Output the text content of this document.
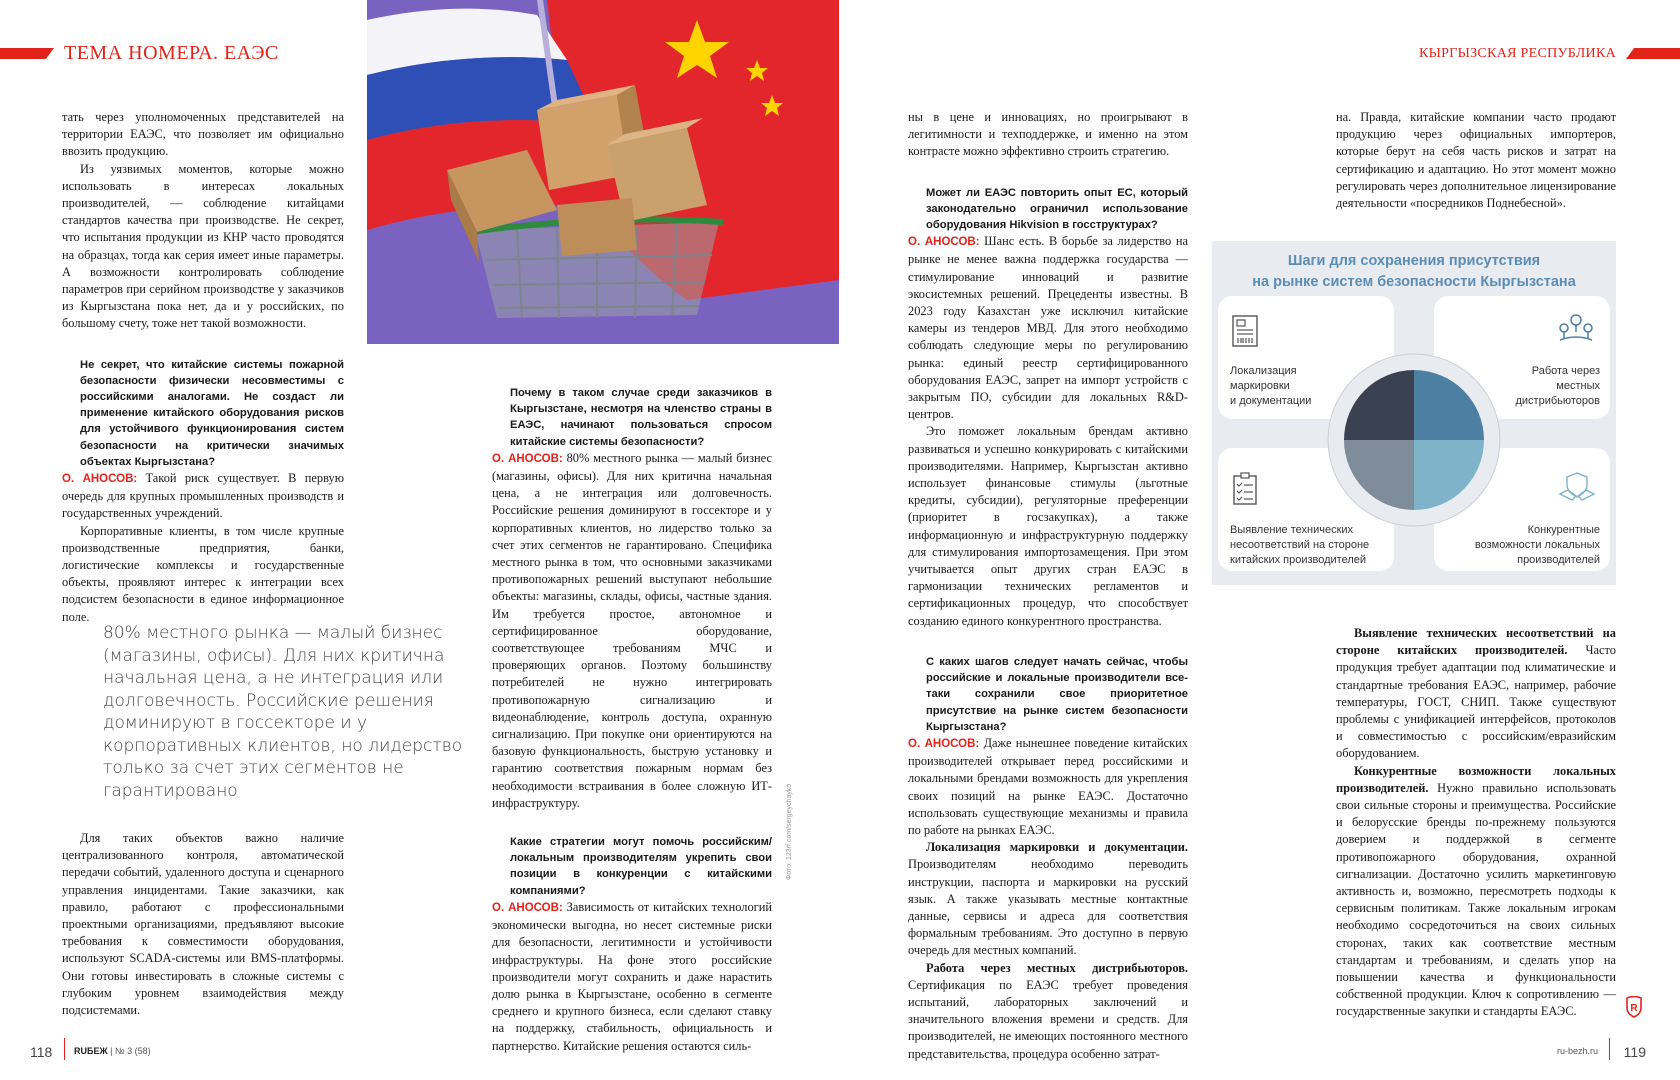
ТЕМА НОМЕРА. ЕАЭС	КЫРГЫЗСКАЯ РЕСПУБЛИКА
Фото: 123rf.com/sergeychayko

тать через уполномоченных представителей на территории ЕАЭС, что позволяет им официально ввозить продукцию.

Из уязвимых моментов, которые можно использовать в интересах локальных производителей, — соблюдение китайцами стандартов качества при производстве. Не секрет, что испытания продукции из КНР часто проводятся на образцах, тогда как серия имеет иные параметры. А возможности контролировать соблюдение параметров при серийном производстве у заказчиков из Кыргызстана пока нет, да и у российских, по большому счету, тоже нет такой возможности.

Не секрет, что китайские системы пожарной безопасности физически несовместимы с российскими аналогами. Не создаст ли применение китайского оборудования рисков для устойчивого функционирования систем безопасности на критически значимых объектах Кыргызстана?

О. АНОСОВ: Такой риск существует. В первую очередь для крупных промышленных производств и государственных учреждений.

Корпоративные клиенты, в том числе крупные производственные предприятия, банки, логистические комплексы и государственные объекты, проявляют интерес к интеграции всех подсистем безопасности в единое информационное поле.

80% местного рынка — малый бизнес (магазины, офисы). Для них критична начальная цена, а не интеграция или долговечность. Российские решения доминируют в госсекторе и у корпоративных клиентов, но лидерство только за счет этих сегментов не гарантировано

Для таких объектов важно наличие централизованного контроля, автоматической передачи событий, удаленного доступа и сценарного управления инцидентами. Такие заказчики, как правило, работают с профессиональными проектными организациями, предъявляют высокие требования к совместимости оборудования, используют SCADA-системы или BMS-платформы. Они готовы инвестировать в сложные системы с глубоким уровнем взаимодействия между подсистемами.

Почему в таком случае среди заказчиков в Кыргызстане, несмотря на членство страны в ЕАЭС, начинают пользоваться спросом китайские системы безопасности?

О. АНОСОВ: 80% местного рынка — малый бизнес (магазины, офисы). Для них критична начальная цена, а не интеграция или долговечность. Российские решения доминируют в госсекторе и у корпоративных клиентов, но лидерство только за счет этих сегментов не гарантировано. Специфика местного рынка в том, что основными заказчиками противопожарных решений выступают небольшие объекты: магазины, склады, офисы, частные здания. Им требуется простое, автономное и сертифицированное оборудование, соответствующее требованиям МЧС и проверяющих органов. Поэтому большинству потребителей не нужно интегрировать противопожарную сигнализацию и видеонаблюдение, контроль доступа, охранную сигнализацию. При покупке они ориентируются на базовую функциональность, быструю установку и гарантию соответствия пожарным нормам без необходимости встраивания в более сложную ИТ-инфраструктуру.

Какие стратегии могут помочь российским/локальным производителям укрепить свои позиции в конкуренции с китайскими компаниями?

О. АНОСОВ: Зависимость от китайских технологий экономически выгодна, но несет системные риски для безопасности, легитимности и устойчивости инфраструктуры. На фоне этого российские производители могут сохранить и даже нарастить долю рынка в Кыргызстане, особенно в сегменте среднего и крупного бизнеса, если сделают ставку на поддержку, стабильность, официальность и партнерство. Китайские решения остаются силь-

ны в цене и инновациях, но проигрывают в легитимности и техподдержке, и именно на этом контрасте можно эффективно строить стратегию.

Может ли ЕАЭС повторить опыт ЕС, который законодательно ограничил использование оборудования Hikvision в госструктурах?

О. АНОСОВ: Шанс есть. В борьбе за лидерство на рынке не менее важна поддержка государства — стимулирование инноваций и развитие экосистемных решений. Прецеденты известны. В 2023 году Казахстан уже исключил китайские камеры из тендеров МВД. Для этого необходимо соблюдать следующие меры по регулированию рынка: единый реестр сертифицированного оборудования ЕАЭС, запрет на импорт устройств с закрытым ПО, субсидии для локальных R&D-центров.

Это поможет локальным брендам активно развиваться и успешно конкурировать с китайскими производителями. Например, Кыргызстан активно использует финансовые стимулы (льготные кредиты, субсидии), регуляторные преференции (приоритет в госзакупках), а также информационную и инфраструктурную поддержку для стимулирования импортозамещения. При этом учитывается опыт других стран ЕАЭС в гармонизации технических регламентов и сертификационных процедур, что способствует созданию единого конкурентного пространства.

С каких шагов следует начать сейчас, чтобы российские и локальные производители все-таки сохранили свое приоритетное присутствие на рынке систем безопасности Кыргызстана?

О. АНОСОВ: Даже нынешнее поведение китайских производителей открывает перед российскими и локальными брендами возможность для укрепления своих позиций на рынке ЕАЭС. Достаточно использовать существующие механизмы и правила по работе на рынках ЕАЭС.

Локализация маркировки и документации. Производителям необходимо переводить инструкции, паспорта и маркировки на русский язык. А также указывать местные контактные данные, сервисы и адреса для соответствия формальным требованиям. Это доступно в первую очередь для местных компаний.

Работа через местных дистрибьюторов. Сертификация по ЕАЭС требует проведения испытаний, лабораторных заключений и значительного вложения времени и средств. Для производителей, не имеющих постоянного местного представительства, процедура особенно затрат-

на. Правда, китайские компании часто продают продукцию через официальных импортеров, которые берут на себя часть рисков и затрат на сертификацию и адаптацию. Но этот момент можно регулировать через дополнительное лицензирование деятельности «посредников Поднебесной».

Шаги для сохранения присутствия
на рынке систем безопасности Кыргызстана
Локализация
маркировки
и документации
Работа через
местных
дистрибьюторов
Выявление технических
несоответствий на стороне
китайских производителей
Конкурентные
возможности локальных
производителей

Выявление технических несоответствий на стороне китайских производителей. Часто продукция требует адаптации под климатические и стандартные требования ЕАЭС, например, рабочие температуры, ГОСТ, СНИП. Также существуют проблемы с унификацией интерфейсов, протоколов и совместимостью с российским/евразийским оборудованием.

Конкурентные возможности локальных производителей. Нужно правильно использовать свои сильные стороны и преимущества. Российские и белорусские бренды по-прежнему пользуются доверием и поддержкой в сегменте противопожарного оборудования, охранной сигнализации. Достаточно усилить маркетинговую активность и, возможно, пересмотреть подходы к сервисным политикам. Также локальным игрокам необходимо сосредоточиться на своих сильных сторонах, таких как соответствие местным стандартам и требованиям, и сделать упор на повышении качества и функциональности собственной продукции. Ключ к сопротивлению — государственные закупки и стандарты ЕАЭС.	R
118 RUБЕЖ | № 3 (58)	ru-bezh.ru 119
